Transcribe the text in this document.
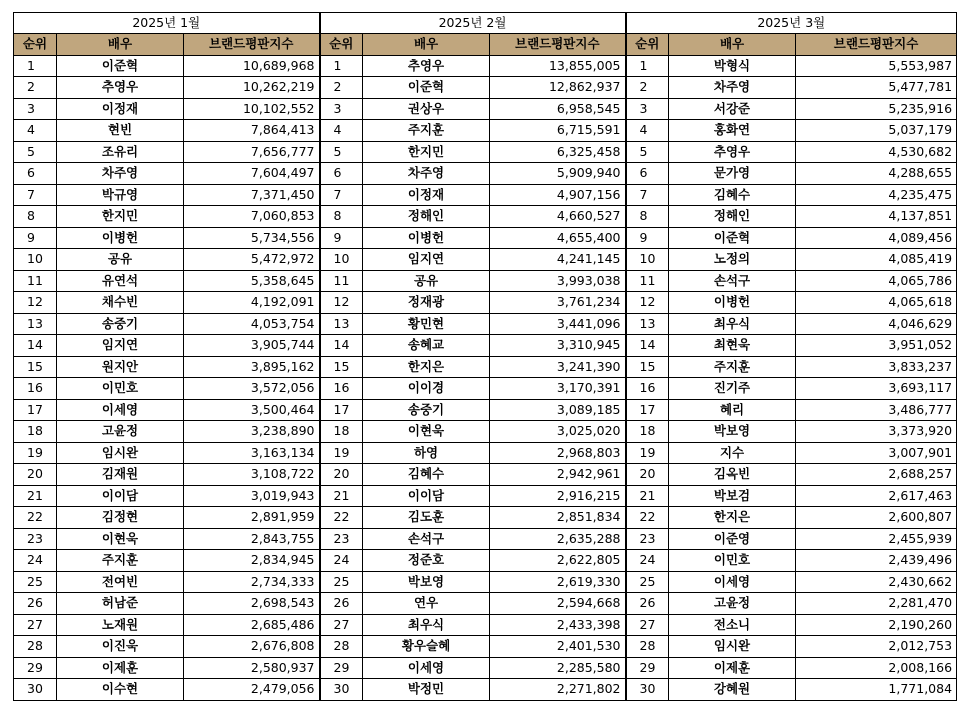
2025년 1월			2025년 2월			2025년 3월		
순위	배우	브랜드평판지수	순위	배우	브랜드평판지수	순위	배우	브랜드평판지수
1	이준혁	10,689,968	1	추영우	13,855,005	1	박형식	5,553,987
2	추영우	10,262,219	2	이준혁	12,862,937	2	차주영	5,477,781
3	이정재	10,102,552	3	권상우	6,958,545	3	서강준	5,235,916
4	현빈	7,864,413	4	주지훈	6,715,591	4	홍화연	5,037,179
5	조유리	7,656,777	5	한지민	6,325,458	5	추영우	4,530,682
6	차주영	7,604,497	6	차주영	5,909,940	6	문가영	4,288,655
7	박규영	7,371,450	7	이정재	4,907,156	7	김혜수	4,235,475
8	한지민	7,060,853	8	정해인	4,660,527	8	정해인	4,137,851
9	이병헌	5,734,556	9	이병헌	4,655,400	9	이준혁	4,089,456
10	공유	5,472,972	10	임지연	4,241,145	10	노정의	4,085,419
11	유연석	5,358,645	11	공유	3,993,038	11	손석구	4,065,786
12	채수빈	4,192,091	12	정재광	3,761,234	12	이병헌	4,065,618
13	송중기	4,053,754	13	황민현	3,441,096	13	최우식	4,046,629
14	임지연	3,905,744	14	송혜교	3,310,945	14	최현욱	3,951,052
15	원지안	3,895,162	15	한지은	3,241,390	15	주지훈	3,833,237
16	이민호	3,572,056	16	이이경	3,170,391	16	진기주	3,693,117
17	이세영	3,500,464	17	송중기	3,089,185	17	혜리	3,486,777
18	고윤정	3,238,890	18	이현욱	3,025,020	18	박보영	3,373,920
19	임시완	3,163,134	19	하영	2,968,803	19	지수	3,007,901
20	김재원	3,108,722	20	김혜수	2,942,961	20	김옥빈	2,688,257
21	이이담	3,019,943	21	이이담	2,916,215	21	박보검	2,617,463
22	김정현	2,891,959	22	김도훈	2,851,834	22	한지은	2,600,807
23	이현욱	2,843,755	23	손석구	2,635,288	23	이준영	2,455,939
24	주지훈	2,834,945	24	정준호	2,622,805	24	이민호	2,439,496
25	전여빈	2,734,333	25	박보영	2,619,330	25	이세영	2,430,662
26	허남준	2,698,543	26	연우	2,594,668	26	고윤정	2,281,470
27	노재원	2,685,486	27	최우식	2,433,398	27	전소니	2,190,260
28	이진욱	2,676,808	28	황우슬혜	2,401,530	28	임시완	2,012,753
29	이제훈	2,580,937	29	이세영	2,285,580	29	이제훈	2,008,166
30	이수현	2,479,056	30	박정민	2,271,802	30	강혜원	1,771,084
